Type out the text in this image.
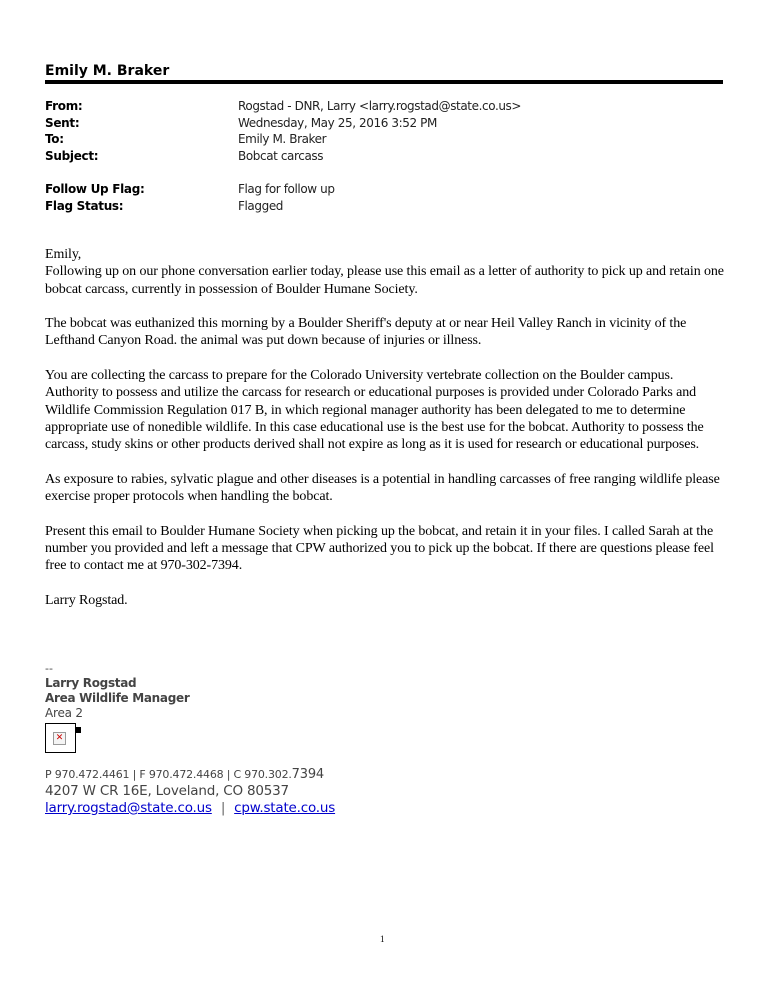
Emily M. Braker
From:	Rogstad - DNR, Larry <larry.rogstad@state.co.us>
Sent:	Wednesday, May 25, 2016 3:52 PM
To:	Emily M. Braker
Subject:	Bobcat carcass
Follow Up Flag:	Flag for follow up
Flag Status:	Flagged

Emily,

Following up on our phone conversation earlier today, please use this email as a letter of authority to pick up and retain one bobcat carcass, currently in possession of Boulder Humane Society.

The bobcat was euthanized this morning by a Boulder Sheriff's deputy at or near Heil Valley Ranch in vicinity of the Lefthand Canyon Road. the animal was put down because of injuries or illness.

You are collecting the carcass to prepare for the Colorado University vertebrate collection on the Boulder campus. Authority to possess and utilize the carcass for research or educational purposes is provided under Colorado Parks and Wildlife Commission Regulation 017 B, in which regional manager authority has been delegated to me to determine appropriate use of nonedible wildlife. In this case educational use is the best use for the bobcat. Authority to possess the carcass, study skins or other products derived shall not expire as long as it is used for research or educational purposes.

As exposure to rabies, sylvatic plague and other diseases is a potential in handling carcasses of free ranging wildlife please exercise proper protocols when handling the bobcat.

Present this email to Boulder Humane Society when picking up the bobcat, and retain it in your files. I called Sarah at the number you provided and left a message that CPW authorized you to pick up the bobcat. If there are questions please feel free to contact me at 970-302-7394.

Larry Rogstad.

--
Larry Rogstad
Area Wildlife Manager
Area 2
✕
P 970.472.4461 | F 970.472.4468 | C 970.302.7394
4207 W CR 16E, Loveland, CO 80537
larry.rogstad@state.co.us | cpw.state.co.us
1
